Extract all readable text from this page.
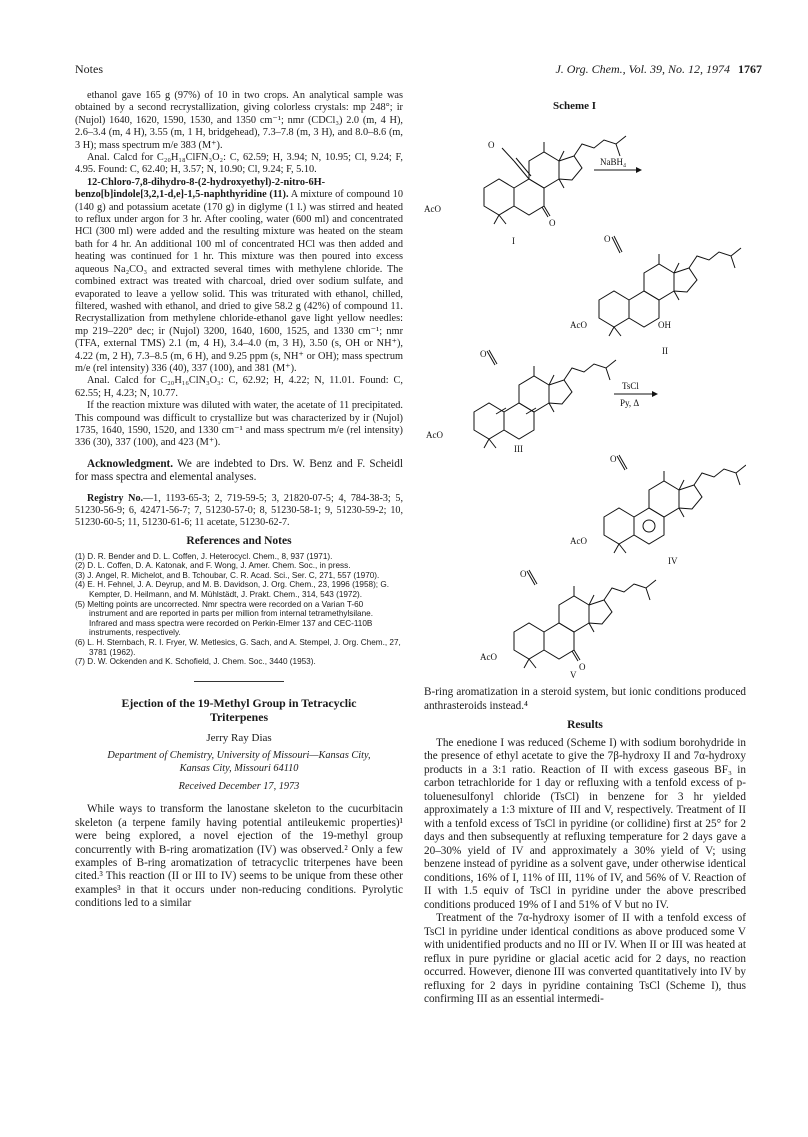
Notes	J. Org. Chem., Vol. 39, No. 12, 1974 1767

ethanol gave 165 g (97%) of 10 in two crops. An analytical sample was obtained by a second recrystallization, giving colorless crystals: mp 248°; ir (Nujol) 1640, 1620, 1590, 1530, and 1350 cm⁻¹; nmr (CDCl₃) 2.0 (m, 4 H), 2.6–3.4 (m, 4 H), 3.55 (m, 1 H, bridgehead), 7.3–7.8 (m, 3 H), and 8.0–8.6 (m, 3 H); mass spectrum m/e 383 (M⁺).

Anal. Calcd for C₂₀H₁₈ClFN₃O₂: C, 62.59; H, 3.94; N, 10.95; Cl, 9.24; F, 4.95. Found: C, 62.40; H, 3.57; N, 10.90; Cl, 9.24; F, 5.10.

12-Chloro-7,8-dihydro-8-(2-hydroxyethyl)-2-nitro-6H-benzo[b]indole[3,2,1-d,e]-1,5-naphthyridine (11). A mixture of compound 10 (140 g) and potassium acetate (170 g) in diglyme (1 l.) was stirred and heated to reflux under argon for 3 hr. After cooling, water (600 ml) and concentrated HCl (300 ml) were added and the resulting mixture was heated on the steam bath for 4 hr. An additional 100 ml of concentrated HCl was then added and heating was continued for 1 hr. This mixture was then poured into excess aqueous Na₂CO₃ and extracted several times with methylene chloride. The combined extract was treated with charcoal, dried over sodium sulfate, and evaporated to leave a yellow solid. This was triturated with ethanol, chilled, filtered, washed with ethanol, and dried to give 58.2 g (42%) of compound 11. Recrystallization from methylene chloride-ethanol gave light yellow needles: mp 219–220° dec; ir (Nujol) 3200, 1640, 1600, 1525, and 1330 cm⁻¹; nmr (TFA, external TMS) 2.1 (m, 4 H), 3.4–4.0 (m, 3 H), 3.50 (s, OH or NH⁺), 4.22 (m, 2 H), 7.3–8.5 (m, 6 H), and 9.25 ppm (s, NH⁺ or OH); mass spectrum m/e (rel intensity) 336 (40), 337 (100), and 381 (M⁺).

Anal. Calcd for C₂₀H₁₆ClN₃O₃: C, 62.92; H, 4.22; N, 11.01. Found: C, 62.55; H, 4.23; N, 10.77.

If the reaction mixture was diluted with water, the acetate of 11 precipitated. This compound was difficult to crystallize but was characterized by ir (Nujol) 1735, 1640, 1590, 1520, and 1330 cm⁻¹ and mass spectrum m/e (rel intensity) 336 (30), 337 (100), and 423 (M⁺).

Acknowledgment. We are indebted to Drs. W. Benz and F. Scheidl for mass spectra and elemental analyses.

Registry No.—1, 1193-65-3; 2, 719-59-5; 3, 21820-07-5; 4, 784-38-3; 5, 51230-56-9; 6, 42471-56-7; 7, 51230-57-0; 8, 51230-58-1; 9, 51230-59-2; 10, 51230-60-5; 11, 51230-61-6; 11 acetate, 51230-62-7.

References and Notes
(1) D. R. Bender and D. L. Coffen, J. Heterocycl. Chem., 8, 937 (1971).
(2) D. L. Coffen, D. A. Katonak, and F. Wong, J. Amer. Chem. Soc., in press.
(3) J. Angel, R. Michelot, and B. Tchoubar, C. R. Acad. Sci., Ser. C, 271, 557 (1970).
(4) E. H. Fehnel, J. A. Deyrup, and M. B. Davidson, J. Org. Chem., 23, 1996 (1958); G. Kempter, D. Heilmann, and M. Mühlstädt, J. Prakt. Chem., 314, 543 (1972).
(5) Melting points are uncorrected. Nmr spectra were recorded on a Varian T-60 instrument and are reported in parts per million from internal tetramethylsilane. Infrared and mass spectra were recorded on Perkin-Elmer 137 and CEC-110B instruments, respectively.
(6) L. H. Sternbach, R. I. Fryer, W. Metlesics, G. Sach, and A. Stempel, J. Org. Chem., 27, 3781 (1962).
(7) D. W. Ockenden and K. Schofield, J. Chem. Soc., 3440 (1953).
Ejection of the 19-Methyl Group in Tetracyclic
Triterpenes
Jerry Ray Dias
Department of Chemistry, University of Missouri—Kansas City,
Kansas City, Missouri 64110
Received December 17, 1973

While ways to transform the lanostane skeleton to the cucurbitacin skeleton (a terpene family having potential antileukemic properties)¹ were being explored, a novel ejection of the 19-methyl group concurrently with B-ring aromatization (IV) was observed.² Only a few examples of B-ring aromatization of tetracyclic triterpenes have been cited.³ This reaction (II or III to IV) seems to be unique from these other examples³ in that it occurs under non-reducing conditions. Pyrolytic conditions led to a similar

Scheme I
O
O
AcO
I
NaBH₄
O
OH
AcO
II
O
AcO
III
TsCl
Py, Δ
O
AcO
IV
O
O
AcO
V

B-ring aromatization in a steroid system, but ionic conditions produced anthrasteroids instead.⁴

Results

The enedione I was reduced (Scheme I) with sodium borohydride in the presence of ethyl acetate to give the 7β-hydroxy II and 7α-hydroxy products in a 3:1 ratio. Reaction of II with excess gaseous BF₃ in carbon tetrachloride for 1 day or refluxing with a tenfold excess of p-toluenesulfonyl chloride (TsCl) in benzene for 3 hr yielded approximately a 1:3 mixture of III and V, respectively. Treatment of II with a tenfold excess of TsCl in pyridine (or collidine) first at 25° for 2 days and then subsequently at refluxing temperature for 2 days gave a 20–30% yield of IV and approximately a 30% yield of V; using benzene instead of pyridine as a solvent gave, under otherwise identical conditions, 16% of I, 11% of III, 11% of IV, and 56% of V. Reaction of II with 1.5 equiv of TsCl in pyridine under the above prescribed conditions produced 19% of I and 51% of V but no IV.

Treatment of the 7α-hydroxy isomer of II with a tenfold excess of TsCl in pyridine under identical conditions as above produced some V with unidentified products and no III or IV. When II or III was heated at reflux in pure pyridine or glacial acetic acid for 2 days, no reaction occurred. However, dienone III was converted quantitatively into IV by refluxing for 2 days in pyridine containing TsCl (Scheme I), thus confirming III as an essential intermedi-
